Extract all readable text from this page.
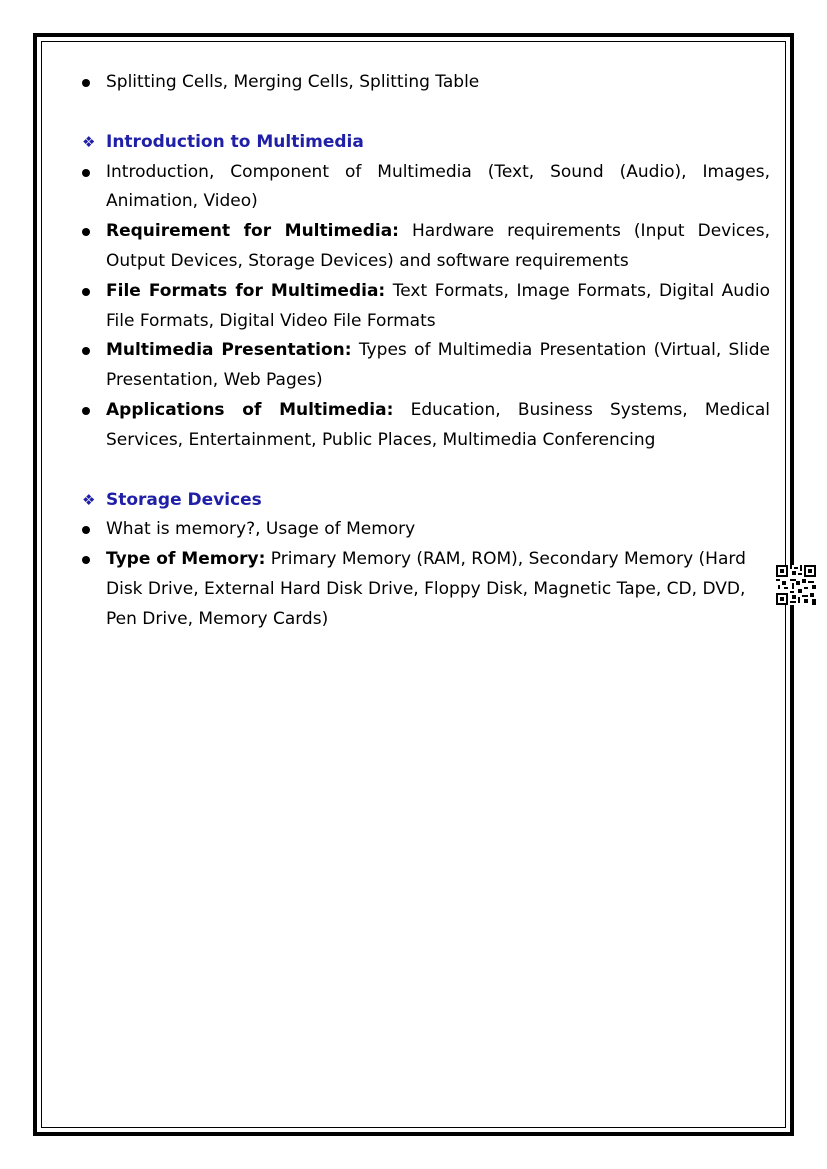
Splitting Cells, Merging Cells, Splitting Table
❖ Introduction to Multimedia
Introduction, Component of Multimedia (Text, Sound (Audio), Images, Animation, Video)
Requirement for Multimedia: Hardware requirements (Input Devices, Output Devices, Storage Devices) and software requirements
File Formats for Multimedia: Text Formats, Image Formats, Digital Audio File Formats, Digital Video File Formats
Multimedia Presentation: Types of Multimedia Presentation (Virtual, Slide Presentation, Web Pages)
Applications of Multimedia: Education, Business Systems, Medical Services, Entertainment, Public Places, Multimedia Conferencing
❖ Storage Devices
What is memory?, Usage of Memory
Type of Memory: Primary Memory (RAM, ROM), Secondary Memory (Hard Disk Drive, External Hard Disk Drive, Floppy Disk, Magnetic Tape, CD, DVD, Pen Drive, Memory Cards)
